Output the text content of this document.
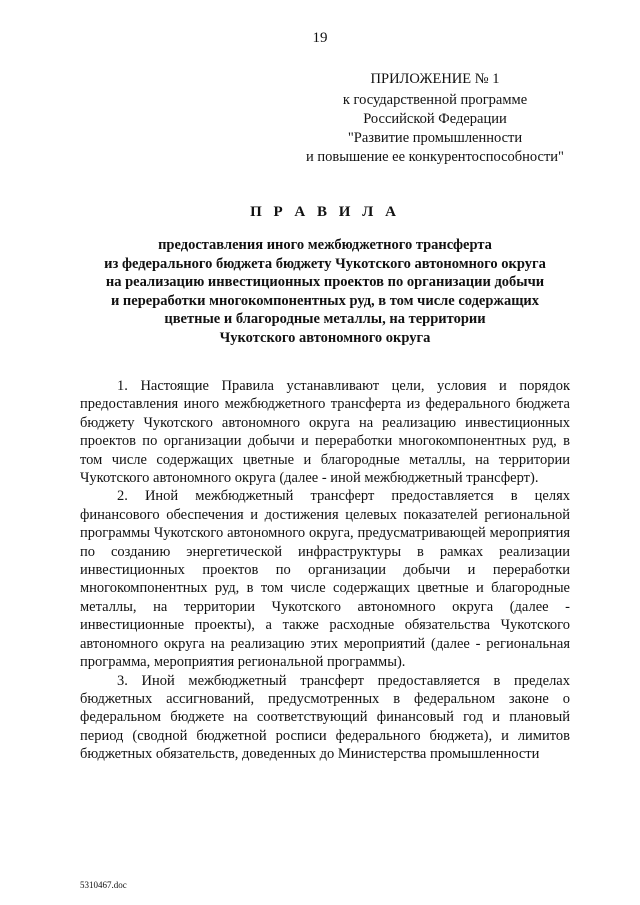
19
ПРИЛОЖЕНИЕ № 1
к государственной программе
Российской Федерации
"Развитие промышленности
и повышение ее конкурентоспособности"
П Р А В И Л А
предоставления иного межбюджетного трансферта
из федерального бюджета бюджету Чукотского автономного округа
на реализацию инвестиционных проектов по организации добычи
и переработки многокомпонентных руд, в том числе содержащих
цветные и благородные металлы, на территории
Чукотского автономного округа

1. Настоящие Правила устанавливают цели, условия и порядок предоставления иного межбюджетного трансферта из федерального бюджета бюджету Чукотского автономного округа на реализацию инвестиционных проектов по организации добычи и переработки многокомпонентных руд, в том числе содержащих цветные и благородные металлы, на территории Чукотского автономного округа (далее - иной межбюджетный трансферт).

2. Иной межбюджетный трансферт предоставляется в целях финансового обеспечения и достижения целевых показателей региональной программы Чукотского автономного округа, предусматривающей мероприятия по созданию энергетической инфраструктуры в рамках реализации инвестиционных проектов по организации добычи и переработки многокомпонентных руд, в том числе содержащих цветные и благородные металлы, на территории Чукотского автономного округа (далее - инвестиционные проекты), а также расходные обязательства Чукотского автономного округа на реализацию этих мероприятий (далее - региональная программа, мероприятия региональной программы).

3. Иной межбюджетный трансферт предоставляется в пределах бюджетных ассигнований, предусмотренных в федеральном законе о федеральном бюджете на соответствующий финансовый год и плановый период (сводной бюджетной росписи федерального бюджета), и лимитов бюджетных обязательств, доведенных до Министерства промышленности

5310467.doc
